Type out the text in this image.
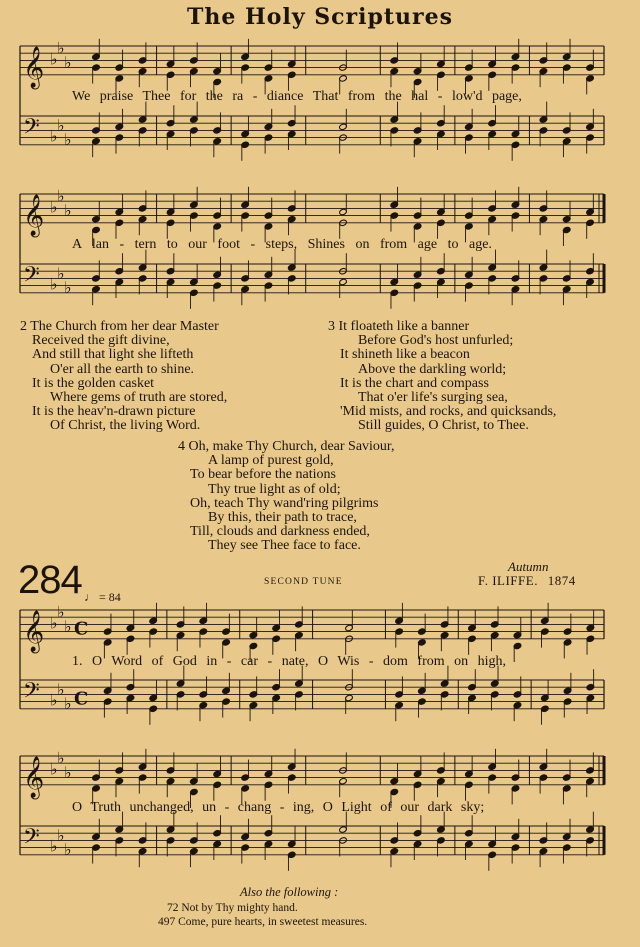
The Holy Scriptures
𝄞 ♭
♭
♭
𝄢 ♭
♭
♭
We praise Thee for the ra - diance That from the hal - low'd page,
𝄞 ♭
♭
♭
𝄢 ♭
♭
♭
A lan - tern to our foot - steps, Shines on from age to age.
2 The Church from her dear Master
Received the gift divine,
And still that light she lifteth
O'er all the earth to shine.
It is the golden casket
Where gems of truth are stored,
It is the heav'n-drawn picture
Of Christ, the living Word.
3 It floateth like a banner
Before God's host unfurled;
It shineth like a beacon
Above the darkling world;
It is the chart and compass
That o'er life's surging sea,
'Mid mists, and rocks, and quicksands,
Still guides, O Christ, to Thee.
4 Oh, make Thy Church, dear Saviour,
A lamp of purest gold,
To bear before the nations
Thy true light as of old;
Oh, teach Thy wand'ring pilgrims
By this, their path to trace,
Till, clouds and darkness ended,
They see Thee face to face.
284	Autumn
SECOND TUNE	F. ILIFFE. 1874
♩ = 84
𝄞 ♭
♭
♭ C
𝄢 ♭
♭
♭ C
1. O Word of God in - car - nate, O Wis - dom from on high,
𝄞 ♭
♭
♭
𝄢 ♭
♭
♭
O Truth unchanged, un - chang - ing, O Light of our dark sky;
Also the following :
72 Not by Thy mighty hand.
497 Come, pure hearts, in sweetest measures.
